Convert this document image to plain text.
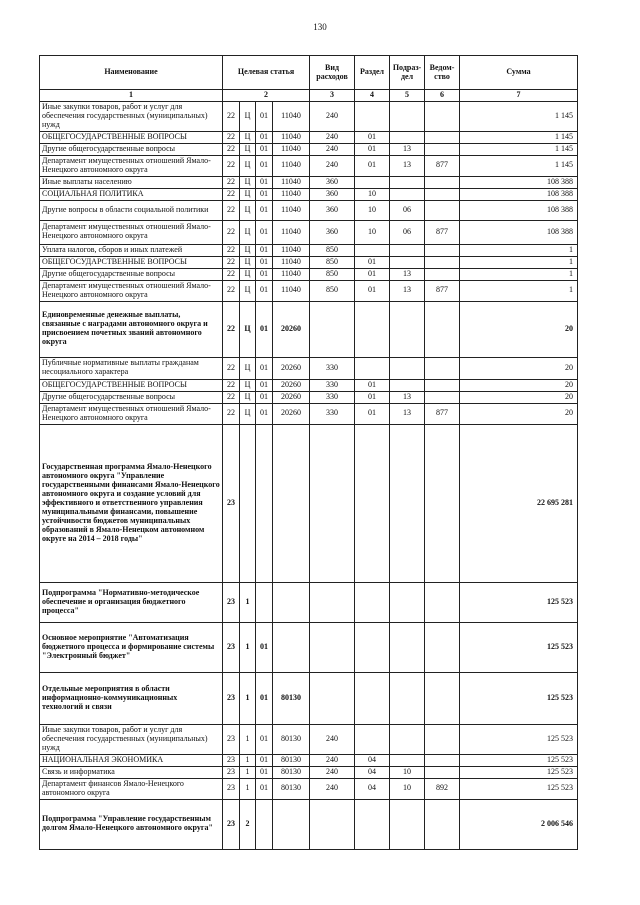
130
Наименование	Целевая статья				Вид расходов	Раздел	Подраз-дел	Ведом-ство	Сумма
1	2				3	4	5	6	7
Иные закупки товаров, работ и услуг для обеспечения государственных (муниципальных) нужд	22	Ц	01	11040	240				1 145
ОБЩЕГОСУДАРСТВЕННЫЕ ВОПРОСЫ	22	Ц	01	11040	240	01			1 145
Другие общегосударственные вопросы	22	Ц	01	11040	240	01	13		1 145
Департамент имущественных отношений Ямало-Ненецкого автономного округа	22	Ц	01	11040	240	01	13	877	1 145
Иные выплаты населению	22	Ц	01	11040	360				108 388
СОЦИАЛЬНАЯ ПОЛИТИКА	22	Ц	01	11040	360	10			108 388
Другие вопросы в области социальной политики	22	Ц	01	11040	360	10	06		108 388
Департамент имущественных отношений Ямало-Ненецкого автономного округа	22	Ц	01	11040	360	10	06	877	108 388
Уплата налогов, сборов и иных платежей	22	Ц	01	11040	850				1
ОБЩЕГОСУДАРСТВЕННЫЕ ВОПРОСЫ	22	Ц	01	11040	850	01			1
Другие общегосударственные вопросы	22	Ц	01	11040	850	01	13		1
Департамент имущественных отношений Ямало-Ненецкого автономного округа	22	Ц	01	11040	850	01	13	877	1
Единовременные денежные выплаты, связанные с наградами автономного округа и присвоением почетных званий автономного округа	22	Ц	01	20260					20
Публичные нормативные выплаты гражданам несоциального характера	22	Ц	01	20260	330				20
ОБЩЕГОСУДАРСТВЕННЫЕ ВОПРОСЫ	22	Ц	01	20260	330	01			20
Другие общегосударственные вопросы	22	Ц	01	20260	330	01	13		20
Департамент имущественных отношений Ямало-Ненецкого автономного округа	22	Ц	01	20260	330	01	13	877	20
Государственная программа Ямало-Ненецкого автономного округа "Управление государственными финансами Ямало-Ненецкого автономного округа и создание условий для эффективного и ответственного управления муниципальными финансами, повышение устойчивости бюджетов муниципальных образований в Ямало-Ненецком автономном округе на 2014 – 2018 годы"	23								22 695 281
Подпрограмма "Нормативно-методическое обеспечение и организация бюджетного процесса"	23	1							125 523
Основное мероприятие "Автоматизация бюджетного процесса и формирование системы "Электронный бюджет"	23	1	01						125 523
Отдельные мероприятия в области информационно-коммуникационных технологий и связи	23	1	01	80130					125 523
Иные закупки товаров, работ и услуг для обеспечения государственных (муниципальных) нужд	23	1	01	80130	240				125 523
НАЦИОНАЛЬНАЯ ЭКОНОМИКА	23	1	01	80130	240	04			125 523
Связь и информатика	23	1	01	80130	240	04	10		125 523
Департамент финансов Ямало-Ненецкого автономного округа	23	1	01	80130	240	04	10	892	125 523
Подпрограмма "Управление государственным долгом Ямало-Ненецкого автономного округа"	23	2							2 006 546
